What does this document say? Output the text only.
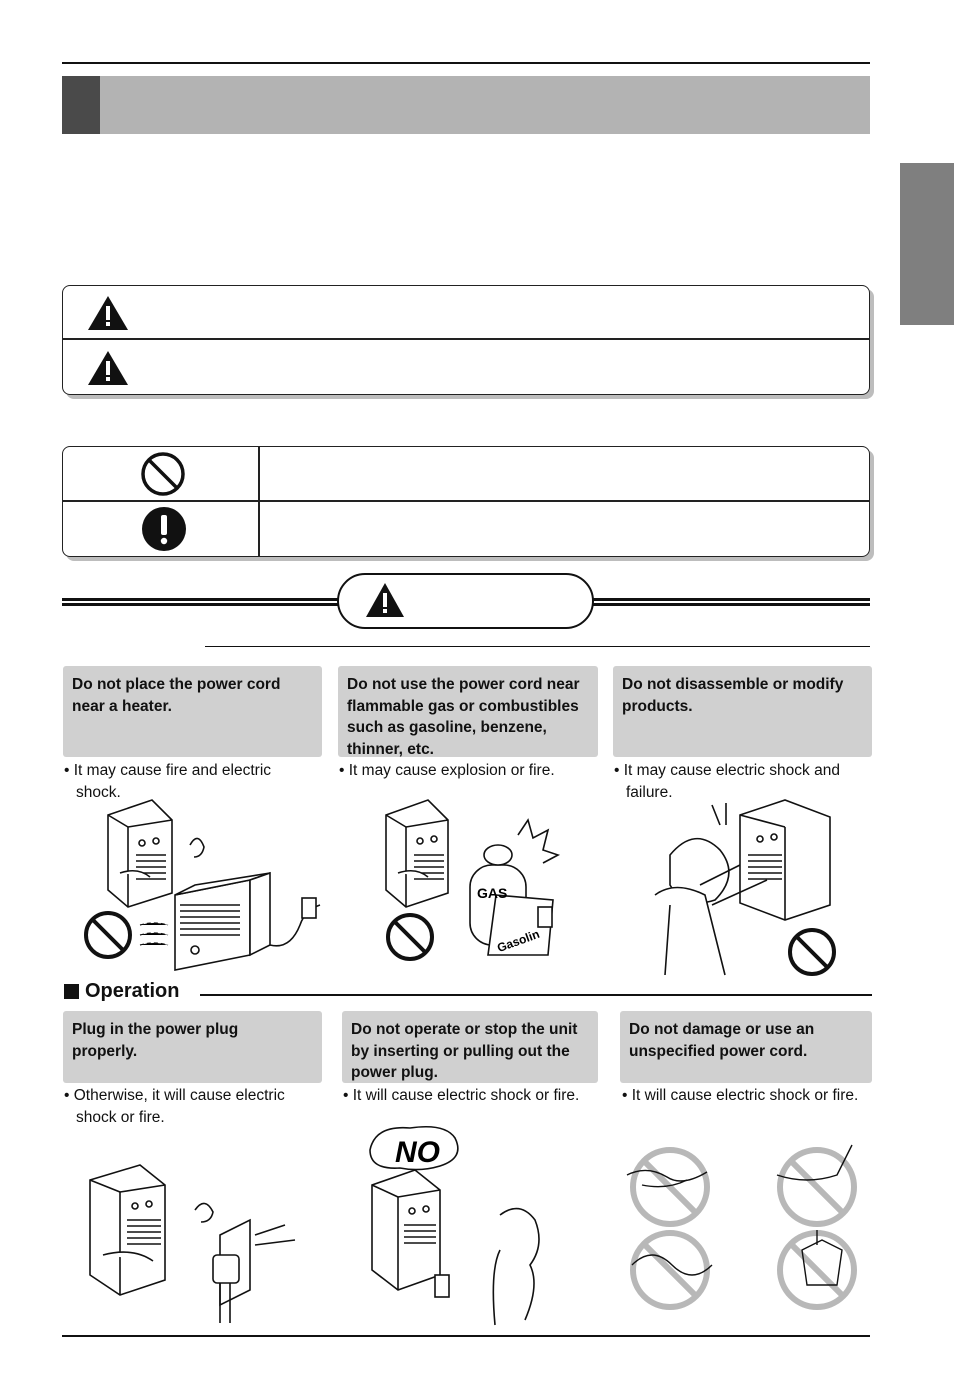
Do not place the power cord
near a heater.
• It may cause fire and electric
shock.
Do not use the power cord near
flammable gas or combustibles
such as gasoline, benzene,
thinner, etc.
• It may cause explosion or fire.
Do not disassemble or modify
products.
• It may cause electric shock and
failure.
GAS
Gasolin
Operation
Plug in the power plug
properly.
• Otherwise, it will cause electric
shock or fire.
Do not operate or stop the unit
by inserting or pulling out the
power plug.
• It will cause electric shock or fire.
Do not damage or use an
unspecified power cord.
• It will cause electric shock or fire.
NO
